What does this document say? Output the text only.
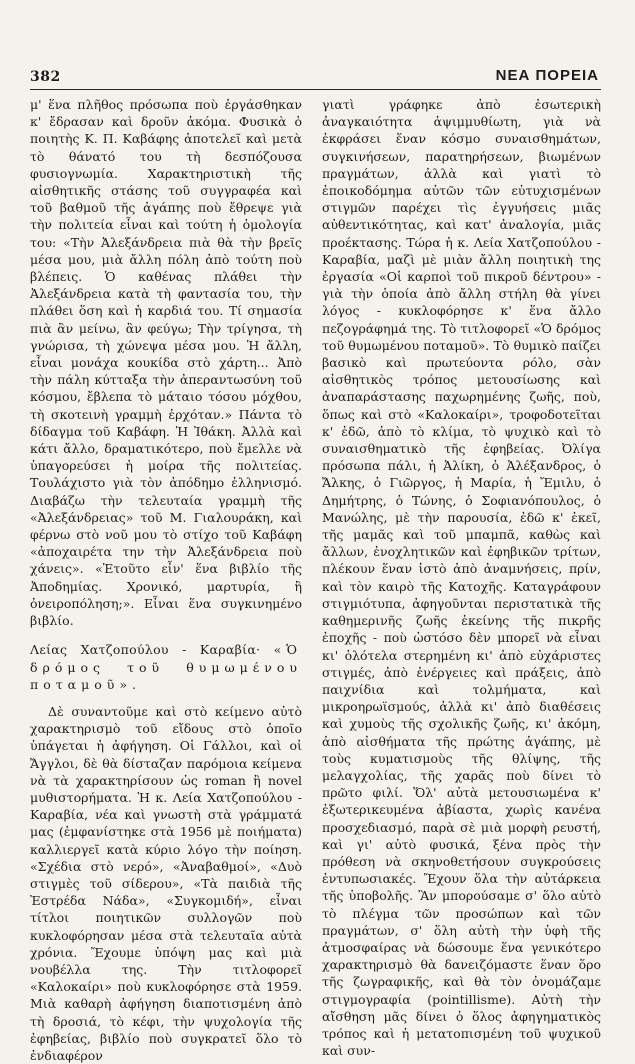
382	ΝΕΑ ΠΟΡΕΙΑ

μ' ἕνα πλῆθος πρόσωπα ποὺ ἐργάσθηκαν κ' ἔδρασαν καὶ δροῦν ἀκόμα. Φυσικὰ ὁ ποιητὴς Κ. Π. Καβάφης ἀποτελεῖ καὶ μετὰ τὸ θάνατό του τὴ δεσπόζουσα φυσιογνωμία. Χαρακτηριστικὴ τῆς αἰσθητικῆς στάσης τοῦ συγγραφέα καὶ τοῦ βαθμοῦ τῆς ἀγάπης ποὺ ἔθρεψε γιὰ τὴν πολιτεία εἶναι καὶ τούτη ἡ ὁμολογία του: «Τὴν Ἀλεξάνδρεια πιὰ θὰ τὴν βρεῖς μέσα μου, μιὰ ἄλλη πόλη ἀπὸ τούτη ποὺ βλέπεις. Ὁ καθένας πλάθει τὴν Ἀλεξάνδρεια κατὰ τὴ φαντασία του, τὴν πλάθει ὅση καὶ ἡ καρδιά του. Τί σημασία πιὰ ἂν μείνω, ἂν φεύγω; Τὴν τρίγησα, τὴ γνώρισα, τὴ χώνεψα μέσα μου. Ἡ ἄλλη, εἶναι μονάχα κουκίδα στὸ χάρτη... Ἀπὸ τὴν πάλη κύτταξα τὴν ἀπεραντωσύνη τοῦ κόσμου, ἔβλεπα τὸ μάταιο τόσου μόχθου, τὴ σκοτεινὴ γραμμὴ ἐρχόταν.» Πάντα τὸ δίδαγμα τοῦ Καβάφη. Ἡ Ἰθάκη. Ἀλλὰ καὶ κάτι ἄλλο, δραματικότερο, ποὺ ἔμελλε νὰ ὑπαγορεύσει ἡ μοίρα τῆς πολιτείας. Τουλάχιστο γιὰ τὸν ἀπόδημο ἑλληνισμό. Διαβάζω τὴν τελευταία γραμμὴ τῆς «Ἀλεξάνδρειας» τοῦ Μ. Γιαλουράκη, καὶ φέρνω στὸ νοῦ μου τὸ στίχο τοῦ Καβάφη «ἀποχαιρέτα την τὴν Ἀλεξάνδρεια ποὺ χάνεις». «Ἐτοῦτο εἶν' ἕνα βιβλίο τῆς Ἀποδημίας. Χρονικό, μαρτυρία, ἢ ὀνειροπόληση;». Εἶναι ἕνα συγκινημένο βιβλίο.

Λείας Χατζοπούλου - Καραβία· «Ὁ δρόμος τοῦ θυμωμένου ποταμοῦ».

Δὲ συναντοῦμε καὶ στὸ κείμενο αὐτὸ χαρακτηρισμὸ τοῦ εἴδους στὸ ὁποῖο ὑπάγεται ἡ ἀφήγηση. Οἱ Γάλλοι, καὶ οἱ Ἄγγλοι, δὲ θὰ δίσταζαν παρόμοια κείμενα νὰ τὰ χαρακτηρίσουν ὡς roman ἢ novel μυθιστορήματα. Ἡ κ. Λεία Χατζοπούλου - Καραβία, νέα καὶ γνωστὴ στὰ γράμματά μας (ἐμφανίστηκε στὰ 1956 μὲ ποιήματα) καλλιεργεῖ κατὰ κύριο λόγο τὴν ποίηση. «Σχέδια στὸ νερό», «Ἀναβαθμοί», «Δυὸ στιγμὲς τοῦ σίδερου», «Τὰ παιδιὰ τῆς Ἐστρέδα Νάδα», «Συγκομιδή», εἶναι τίτλοι ποιητικῶν συλλογῶν ποὺ κυκλοφόρησαν μέσα στὰ τελευταῖα αὐτὰ χρόνια. Ἔχουμε ὑπόψη μας καὶ μιὰ νουβέλλα της. Τὴν τιτλοφορεῖ «Καλοκαίρι» ποὺ κυκλοφόρησε στὰ 1959. Μιὰ καθαρὴ ἀφήγηση διαποτισμένη ἀπὸ τὴ δροσιά, τὸ κέφι, τὴν ψυχολογία τῆς ἐφηβείας, βιβλίο ποὺ συγκρατεῖ ὅλο τὸ ἐνδιαφέρον

γιατὶ γράφηκε ἀπὸ ἐσωτερικὴ ἀναγκαιότητα ἀψιμμυθίωτη, γιὰ νὰ ἐκφράσει ἕναν κόσμο συναισθημάτων, συγκινήσεων, παρατηρήσεων, βιωμένων πραγμάτων, ἀλλὰ καὶ γιατὶ τὸ ἐποικοδόμημα αὐτῶν τῶν εὐτυχισμένων στιγμῶν παρέχει τὶς ἐγγυήσεις μιᾶς αὐθεντικότητας, καὶ κατ' ἀναλογία, μιᾶς προέκτασης. Τώρα ἡ κ. Λεία Χατζοπούλου - Καραβία, μαζὶ μὲ μιὰν ἄλλη ποιητικὴ της ἐργασία «Οἱ καρποὶ τοῦ πικροῦ δέντρου» - γιὰ τὴν ὁποία ἀπὸ ἄλλη στήλη θὰ γίνει λόγος - κυκλοφόρησε κ' ἕνα ἄλλο πεζογράφημά της. Τὸ τιτλοφορεῖ «Ὁ δρόμος τοῦ θυμωμένου ποταμοῦ». Τὸ θυμικὸ παίζει βασικὸ καὶ πρωτεύοντα ρόλο, σὰν αἰσθητικὸς τρόπος μετουσίωσης καὶ ἀναπαράστασης παχωρημένης ζωῆς, ποὺ, ὅπως καὶ στὸ «Καλοκαίρι», τροφοδοτεῖται κ' ἐδῶ, ἀπὸ τὸ κλίμα, τὸ ψυχικὸ καὶ τὸ συναισθηματικὸ τῆς ἐφηβείας. Ὀλίγα πρόσωπα πάλι, ἡ Ἀλίκη, ὁ Ἀλέξανδρος, ὁ Ἄλκης, ὁ Γιῶργος, ἡ Μαρία, ἡ Ἔμιλυ, ὁ Δημήτρης, ὁ Τώνης, ὁ Σοφιανόπουλος, ὁ Μανώλης, μὲ τὴν παρουσία, ἐδῶ κ' ἐκεῖ, τῆς μαμᾶς καὶ τοῦ μπαμπᾶ, καθὼς καὶ ἄλλων, ἐνοχλητικῶν καὶ ἐφηβικῶν τρίτων, πλέκουν ἕναν ἱστὸ ἀπὸ ἀναμνήσεις, πρίν, καὶ τὸν καιρὸ τῆς Κατοχῆς. Καταγράφουν στιγμιότυπα, ἀφηγοῦνται περιστατικὰ τῆς καθημερινῆς ζωῆς ἐκείνης τῆς πικρῆς ἐποχῆς - ποὺ ὡστόσο δὲν μπορεῖ νὰ εἶναι κι' ὁλότελα στερημένη κι' ἀπὸ εὐχάριστες στιγμές, ἀπὸ ἐνέργειες καὶ πράξεις, ἀπὸ παιχνίδια καὶ τολμήματα, καὶ μικροηρωϊσμούς, ἀλλὰ κι' ἀπὸ διαθέσεις καὶ χυμοὺς τῆς σχολικῆς ζωῆς, κι' ἀκόμη, ἀπὸ αἰσθήματα τῆς πρώτης ἀγάπης, μὲ τοὺς κυματισμοὺς τῆς θλίψης, τῆς μελαγχολίας, τῆς χαρᾶς ποὺ δίνει τὸ πρῶτο φιλί. Ὅλ' αὐτὰ μετουσιωμένα κ' ἐξωτερικευμένα ἀβίαστα, χωρὶς κανένα προσχεδιασμό, παρὰ σὲ μιὰ μορφὴ ρευστή, καὶ γι' αὐτὸ φυσικά, ξένα πρὸς τὴν πρόθεση νὰ σκηνοθετήσουν συγκρούσεις ἐντυπωσιακές. Ἔχουν ὅλα τὴν αὐτάρκεια τῆς ὑποβολῆς. Ἂν μπορούσαμε σ' ὅλο αὐτὸ τὸ πλέγμα τῶν προσώπων καὶ τῶν πραγμάτων, σ' ὅλη αὐτὴ τὴν ὑφὴ τῆς ἀτμοσφαίρας νὰ δώσουμε ἕνα γενικότερο χαρακτηρισμὸ θὰ δανειζόμαστε ἕναν ὅρο τῆς ζωγραφικῆς, καὶ θὰ τὸν ὀνομάζαμε στιγμογραφία (pointillisme). Αὐτὴ τὴν αἴσθηση μᾶς δίνει ὁ ὅλος ἀφηγηματικὸς τρόπος καὶ ἡ μετατοπισμένη τοῦ ψυχικοῦ καὶ συν-
